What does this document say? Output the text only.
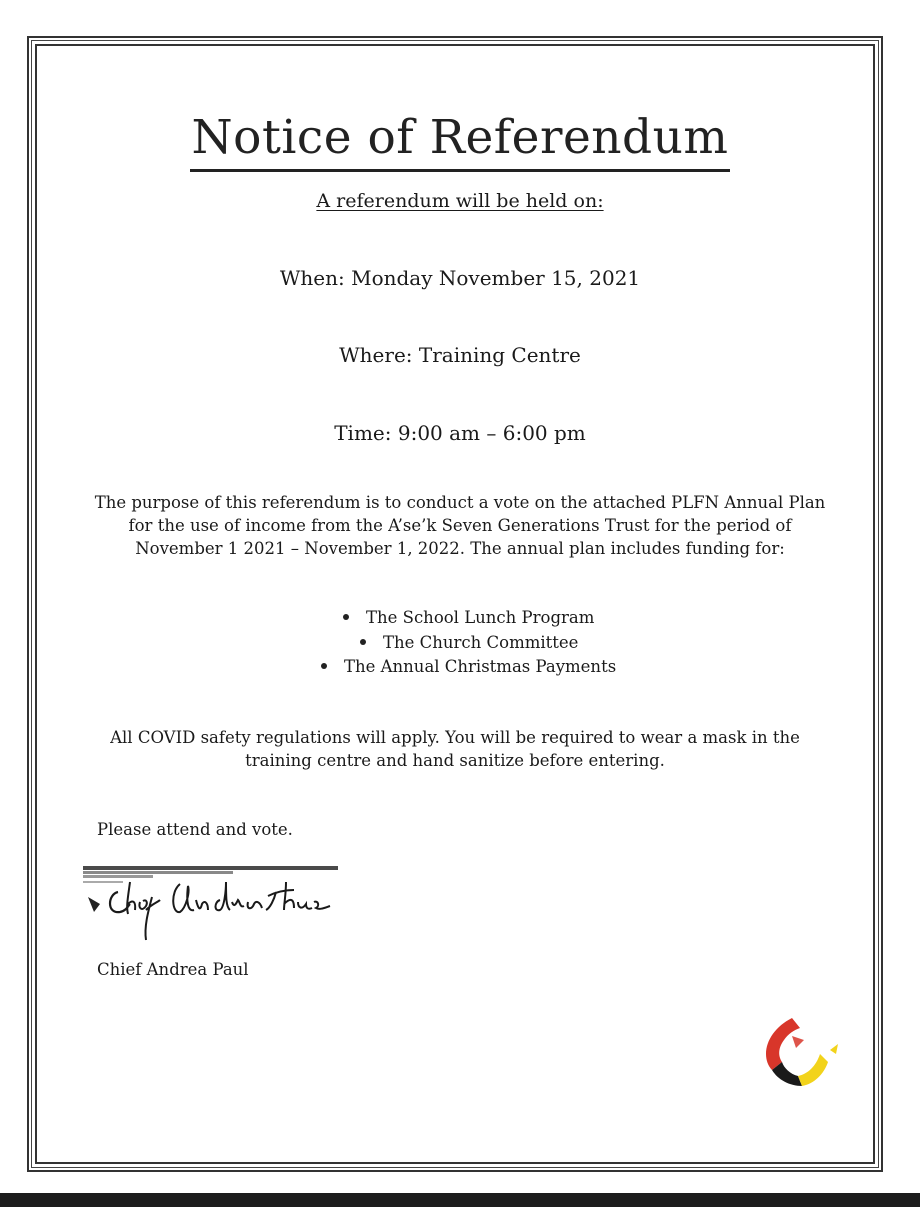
Notice of Referendum
A referendum will be held on:
When: Monday November 15, 2021
Where: Training Centre
Time: 9:00 am – 6:00 pm
The purpose of this referendum is to conduct a vote on the attached PLFN Annual Plan
for the use of income from the A’se’k Seven Generations Trust for the period of
November 1 2021 – November 1, 2022. The annual plan includes funding for:
The School Lunch Program
The Church Committee
The Annual Christmas Payments
All COVID safety regulations will apply. You will be required to wear a mask in the
training centre and hand sanitize before entering.
Please attend and vote.
Chief Andrea Paul
